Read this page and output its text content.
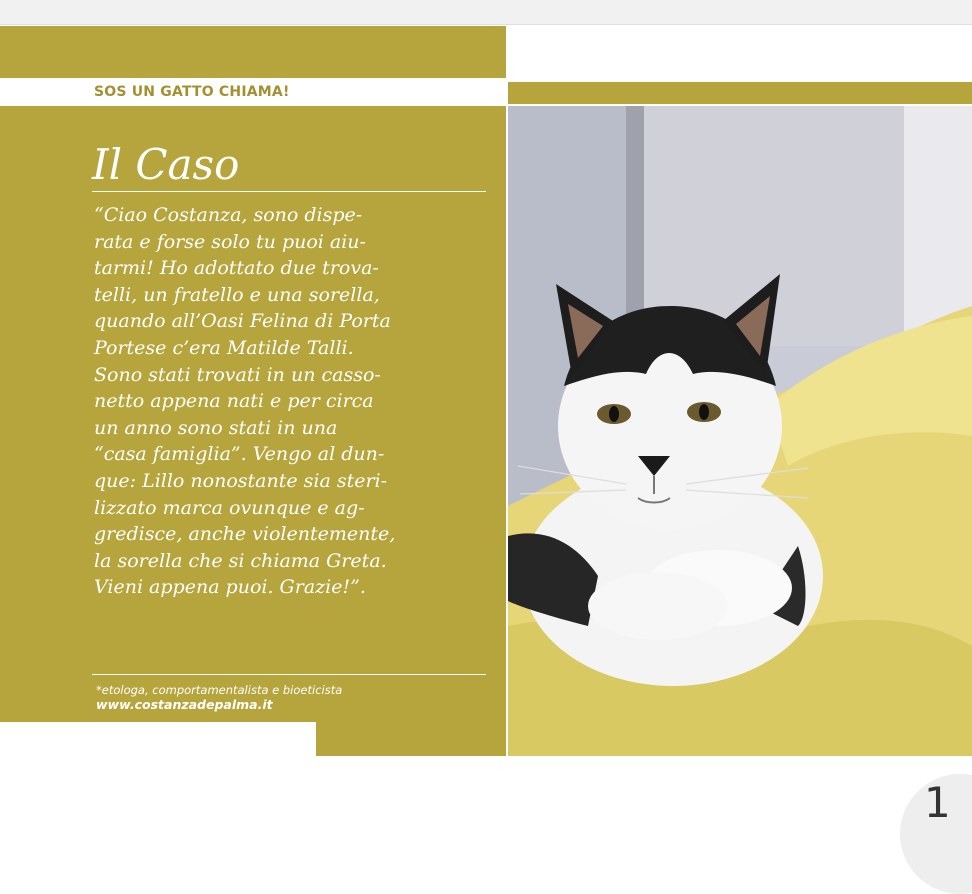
SOS UN GATTO CHIAMA!
Il Caso

“Ciao Costanza, sono dispe-
rata e forse solo tu puoi aiu-
tarmi! Ho adottato due trova-
telli, un fratello e una sorella,
quando all’Oasi Felina di Porta
Portese c’era Matilde Talli.
Sono stati trovati in un casso-
netto appena nati e per circa
un anno sono stati in una
“casa famiglia”. Vengo al dun-
que: Lillo nonostante sia steri-
lizzato marca ovunque e ag-
gredisce, anche violentemente,
la sorella che si chiama Greta.
Vieni appena puoi. Grazie!”.

*etologa, comportamentalista e bioeticista
www.costanzadepalma.it
1
